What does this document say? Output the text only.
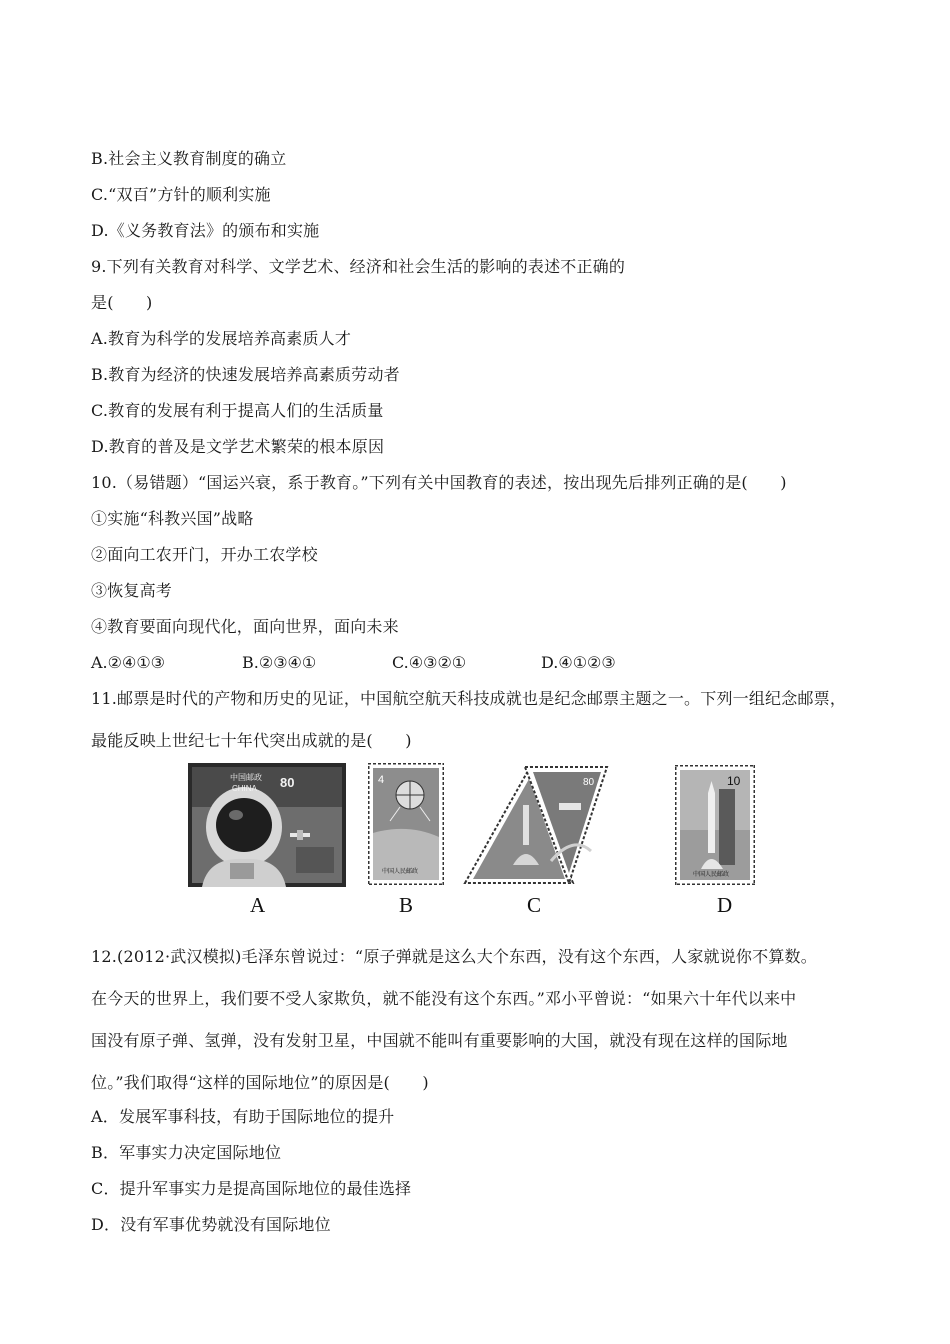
B.社会主义教育制度的确立
C.“双百”方针的顺利实施
D.《义务教育法》的颁布和实施
9.下列有关教育对科学、文学艺术、经济和社会生活的影响的表述不正确的
是(　　)
A.教育为科学的发展培养高素质人才
B.教育为经济的快速发展培养高素质劳动者
C.教育的发展有利于提高人们的生活质量
D.教育的普及是文学艺术繁荣的根本原因
10.（易错题）“国运兴衰，系于教育。”下列有关中国教育的表述，按出现先后排列正确的是(　　)
①实施“科教兴国”战略
②面向工农开门，开办工农学校
③恢复高考
④教育要面向现代化，面向世界，面向未来
A.②④①③	B.②③④①	C.④③②①	D.④①②③
11.邮票是时代的产物和历史的见证，中国航空航天科技成就也是纪念邮票主题之一。下列一组纪念邮票，
最能反映上世纪七十年代突出成就的是(　　)
80
中国邮政
CHINA
A
4
中国人民邮政
B
80
C
10
中国人民邮政
D
12.(2012·武汉模拟)毛泽东曾说过：“原子弹就是这么大个东西，没有这个东西，人家就说你不算数。
在今天的世界上，我们要不受人家欺负，就不能没有这个东西。”邓小平曾说：“如果六十年代以来中
国没有原子弹、氢弹，没有发射卫星，中国就不能叫有重要影响的大国，就没有现在这样的国际地
位。”我们取得“这样的国际地位”的原因是(　　)
A．发展军事科技，有助于国际地位的提升
B．军事实力决定国际地位
C．提升军事实力是提高国际地位的最佳选择
D．没有军事优势就没有国际地位
